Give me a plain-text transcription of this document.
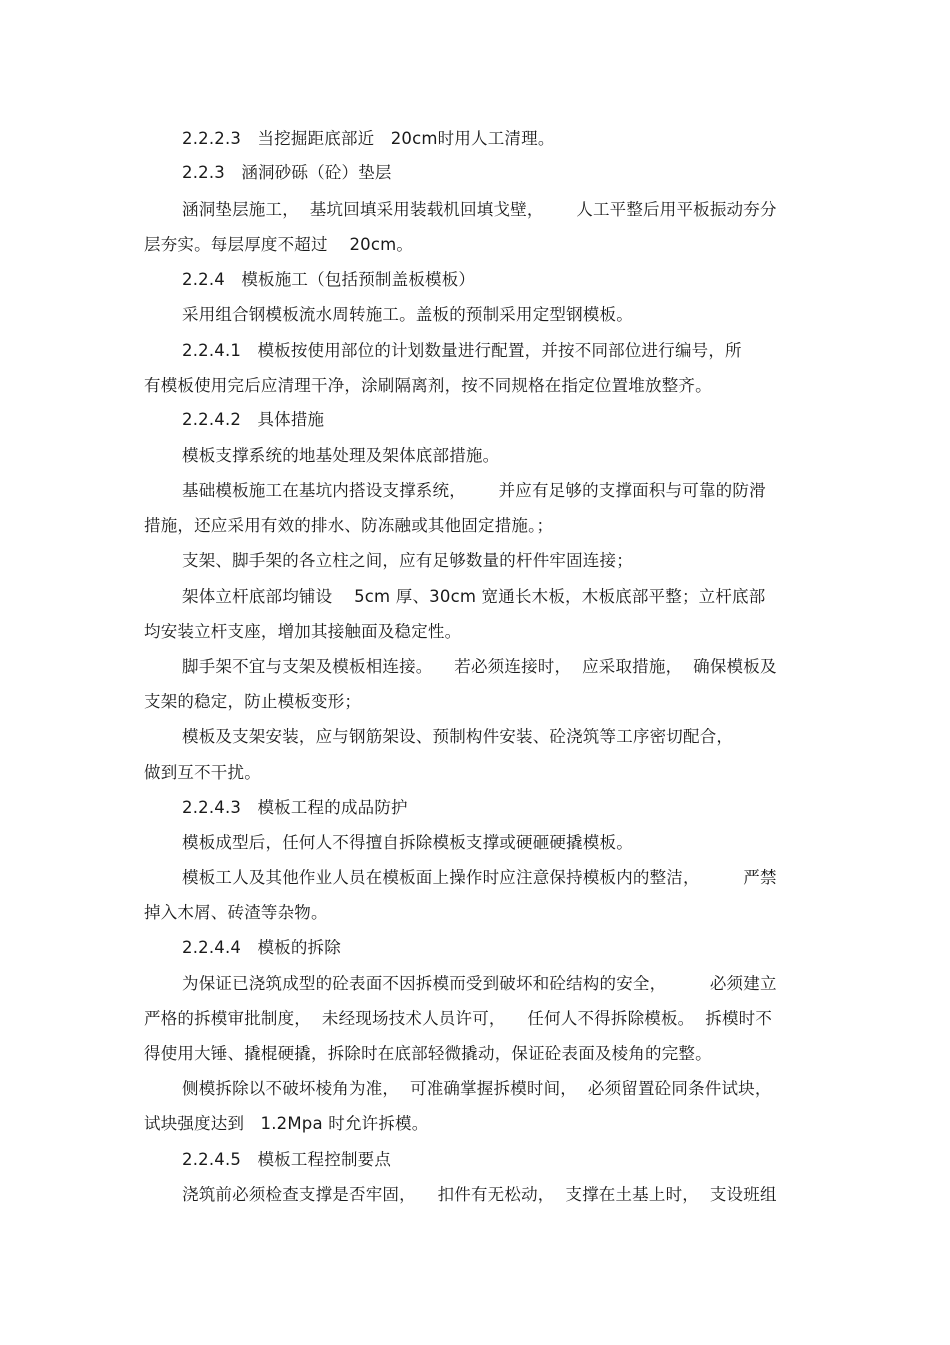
2.2.2.3   当挖掘距底部近   20cm时用人工清理。
2.2.3   涵洞砂砾（砼）垫层
涵洞垫层施工，  基坑回填采用装载机回填戈壁，      人工平整后用平板振动夯分
层夯实。每层厚度不超过    20cm。
2.2.4   模板施工（包括预制盖板模板）
采用组合钢模板流水周转施工。盖板的预制采用定型钢模板。
2.2.4.1   模板按使用部位的计划数量进行配置，并按不同部位进行编号，所
有模板使用完后应清理干净，涂刷隔离剂，按不同规格在指定位置堆放整齐。
2.2.4.2   具体措施
模板支撑系统的地基处理及架体底部措施。
基础模板施工在基坑内搭设支撑系统，      并应有足够的支撑面积与可靠的防滑
措施，还应采用有效的排水、防冻融或其他固定措施。；
支架、脚手架的各立柱之间，应有足够数量的杆件牢固连接；
架体立杆底部均铺设    5cm 厚、30cm 宽通长木板，木板底部平整；立杆底部
均安装立杆支座，增加其接触面及稳定性。
脚手架不宜与支架及模板相连接。    若必须连接时，  应采取措施，  确保模板及
支架的稳定，防止模板变形；
模板及支架安装，应与钢筋架设、预制构件安装、砼浇筑等工序密切配合，
做到互不干扰。
2.2.4.3   模板工程的成品防护
模板成型后，任何人不得擅自拆除模板支撑或硬砸硬撬模板。
模板工人及其他作业人员在模板面上操作时应注意保持模板内的整洁，        严禁
掉入木屑、砖渣等杂物。
2.2.4.4   模板的拆除
为保证已浇筑成型的砼表面不因拆模而受到破坏和砼结构的安全，        必须建立
严格的拆模审批制度，  未经现场技术人员许可，    任何人不得拆除模板。  拆模时不
得使用大锤、撬棍硬撬，拆除时在底部轻微撬动，保证砼表面及棱角的完整。
侧模拆除以不破坏棱角为准，  可准确掌握拆模时间，  必须留置砼同条件试块，
试块强度达到   1.2Mpa 时允许拆模。
2.2.4.5   模板工程控制要点
浇筑前必须检查支撑是否牢固，    扣件有无松动，  支撑在土基上时，  支设班组
